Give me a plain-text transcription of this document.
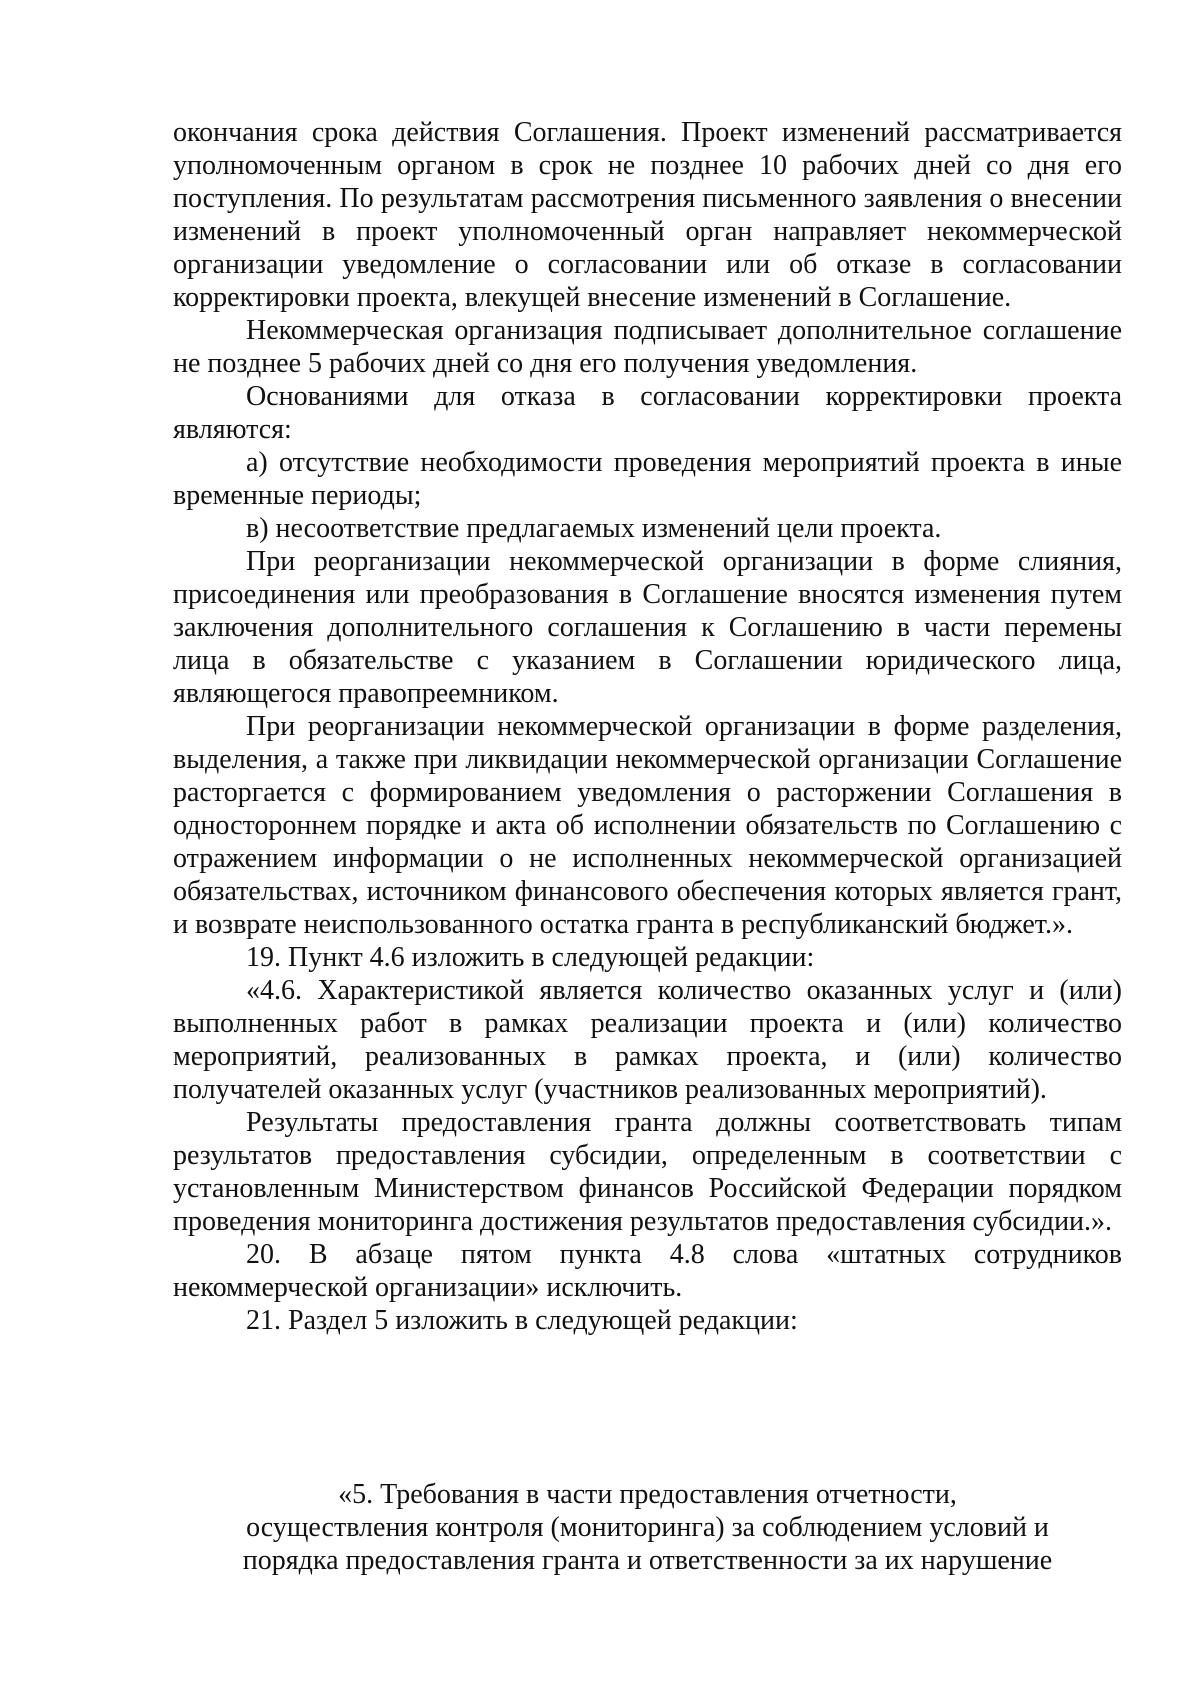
окончания срока действия Соглашения. Проект изменений рассматривается уполномоченным органом в срок не позднее 10 рабочих дней со дня его поступления. По результатам рассмотрения письменного заявления о внесении изменений в проект уполномоченный орган направляет некоммерческой организации уведомление о согласовании или об отказе в согласовании корректировки проекта, влекущей внесение изменений в Соглашение.

Некоммерческая организация подписывает дополнительное соглашение не позднее 5 рабочих дней со дня его получения уведомления.

Основаниями для отказа в согласовании корректировки проекта являются:

а) отсутствие необходимости проведения мероприятий проекта в иные временные периоды;

в) несоответствие предлагаемых изменений цели проекта.

При реорганизации некоммерческой организации в форме слияния, присоединения или преобразования в Соглашение вносятся изменения путем заключения дополнительного соглашения к Соглашению в части перемены лица в обязательстве с указанием в Соглашении юридического лица, являющегося правопреемником.

При реорганизации некоммерческой организации в форме разделения, выделения, а также при ликвидации некоммерческой организации Соглашение расторгается с формированием уведомления о расторжении Соглашения в одностороннем порядке и акта об исполнении обязательств по Соглашению с отражением информации о не исполненных некоммерческой организацией обязательствах, источником финансового обеспечения которых является грант, и возврате неиспользованного остатка гранта в республиканский бюджет.».

19. Пункт 4.6 изложить в следующей редакции:

«4.6. Характеристикой является количество оказанных услуг и (или) выполненных работ в рамках реализации проекта и (или) количество мероприятий, реализованных в рамках проекта, и (или) количество получателей оказанных услуг (участников реализованных мероприятий).

Результаты предоставления гранта должны соответствовать типам результатов предоставления субсидии, определенным в соответствии с установленным Министерством финансов Российской Федерации порядком проведения мониторинга достижения результатов предоставления субсидии.».

20. В абзаце пятом пункта 4.8 слова «штатных сотрудников некоммерческой организации» исключить.

21. Раздел 5 изложить в следующей редакции:

«5. Требования в части предоставления отчетности,
осуществления контроля (мониторинга) за соблюдением условий и
порядка предоставления гранта и ответственности за их нарушение
